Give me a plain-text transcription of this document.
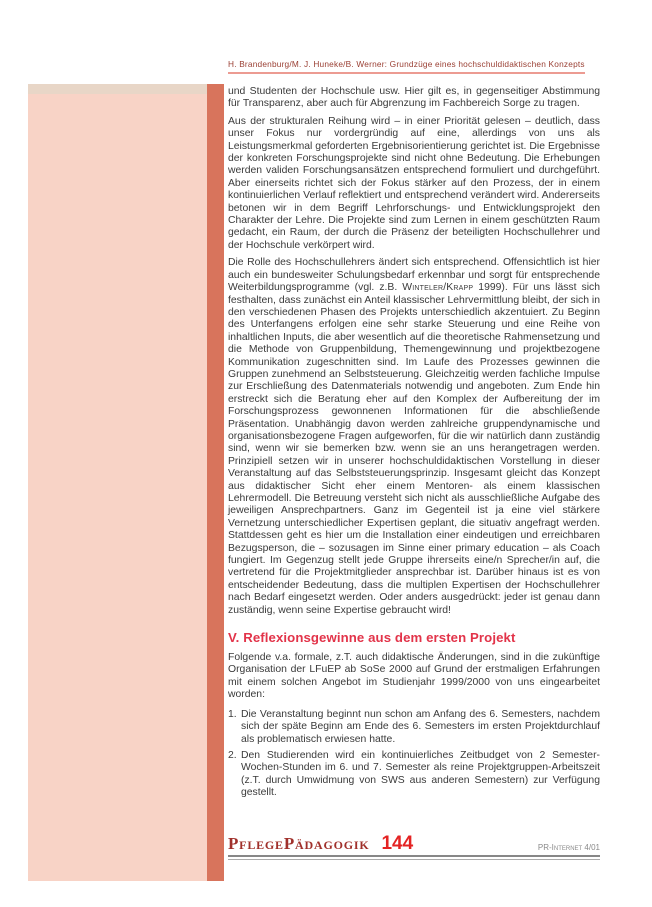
H. Brandenburg/M. J. Huneke/B. Werner: Grundzüge eines hochschuldidaktischen Konzepts

und Studenten der Hochschule usw. Hier gilt es, in gegenseitiger Abstimmung für Transparenz, aber auch für Abgrenzung im Fachbereich Sorge zu tragen.

Aus der strukturalen Reihung wird – in einer Priorität gelesen – deutlich, dass unser Fokus nur vordergründig auf eine, allerdings von uns als Leistungsmerkmal geforderten Ergebnisorientierung gerichtet ist. Die Ergebnisse der konkreten Forschungsprojekte sind nicht ohne Bedeutung. Die Erhebungen werden validen Forschungsansätzen entsprechend formuliert und durchgeführt. Aber einerseits richtet sich der Fokus stärker auf den Prozess, der in einem kontinuierlichen Verlauf reflektiert und entsprechend verändert wird. Andererseits betonen wir in dem Begriff Lehrforschungs- und Entwicklungsprojekt den Charakter der Lehre. Die Projekte sind zum Lernen in einem geschützten Raum gedacht, ein Raum, der durch die Präsenz der beteiligten Hochschullehrer und der Hochschule verkörpert wird.

Die Rolle des Hochschullehrers ändert sich entsprechend. Offensichtlich ist hier auch ein bundesweiter Schulungsbedarf erkennbar und sorgt für entsprechende Weiterbildungsprogramme (vgl. z.B. Winteler/Krapp 1999). Für uns lässt sich festhalten, dass zunächst ein Anteil klassischer Lehrvermittlung bleibt, der sich in den verschiedenen Phasen des Projekts unterschiedlich akzentuiert. Zu Beginn des Unterfangens erfolgen eine sehr starke Steuerung und eine Reihe von inhaltlichen Inputs, die aber wesentlich auf die theoretische Rahmensetzung und die Methode von Gruppenbildung, Themengewinnung und projektbezogene Kommunikation zugeschnitten sind. Im Laufe des Prozesses gewinnen die Gruppen zunehmend an Selbststeuerung. Gleichzeitig werden fachliche Impulse zur Erschließung des Datenmaterials notwendig und angeboten. Zum Ende hin erstreckt sich die Beratung eher auf den Komplex der Aufbereitung der im Forschungsprozess gewonnenen Informationen für die abschließende Präsentation. Unabhängig davon werden zahlreiche gruppendynamische und organisationsbezogene Fragen aufgeworfen, für die wir natürlich dann zuständig sind, wenn wir sie bemerken bzw. wenn sie an uns herangetragen werden. Prinzipiell setzen wir in unserer hochschuldidaktischen Vorstellung in dieser Veranstaltung auf das Selbststeuerungsprinzip. Insgesamt gleicht das Konzept aus didaktischer Sicht eher einem Mentoren- als einem klassischen Lehrermodell. Die Betreuung versteht sich nicht als ausschließliche Aufgabe des jeweiligen Ansprechpartners. Ganz im Gegenteil ist ja eine viel stärkere Vernetzung unterschiedlicher Expertisen geplant, die situativ angefragt werden. Stattdessen geht es hier um die Installation einer eindeutigen und erreichbaren Bezugsperson, die – sozusagen im Sinne einer primary education – als Coach fungiert. Im Gegenzug stellt jede Gruppe ihrerseits eine/n Sprecher/in auf, die vertretend für die Projektmitglieder ansprechbar ist. Darüber hinaus ist es von entscheidender Bedeutung, dass die multiplen Expertisen der Hochschullehrer nach Bedarf eingesetzt werden. Oder anders ausgedrückt: jeder ist genau dann zuständig, wenn seine Expertise gebraucht wird!

V. Reflexionsgewinne aus dem ersten Projekt

Folgende v.a. formale, z.T. auch didaktische Änderungen, sind in die zukünftige Organisation der LFuEP ab SoSe 2000 auf Grund der erstmaligen Erfahrungen mit einem solchen Angebot im Studienjahr 1999/2000 von uns eingearbeitet worden:

1. Die Veranstaltung beginnt nun schon am Anfang des 6. Semesters, nachdem sich der späte Beginn am Ende des 6. Semesters im ersten Projektdurchlauf als problematisch erwiesen hatte.
2. Den Studierenden wird ein kontinuierliches Zeitbudget von 2 Semester-Wochen-Stunden im 6. und 7. Semester als reine Projektgruppen-Arbeitszeit (z.T. durch Umwidmung von SWS aus anderen Semestern) zur Verfügung gestellt.
PflegePädagogik 144	PR-Internet 4/01
